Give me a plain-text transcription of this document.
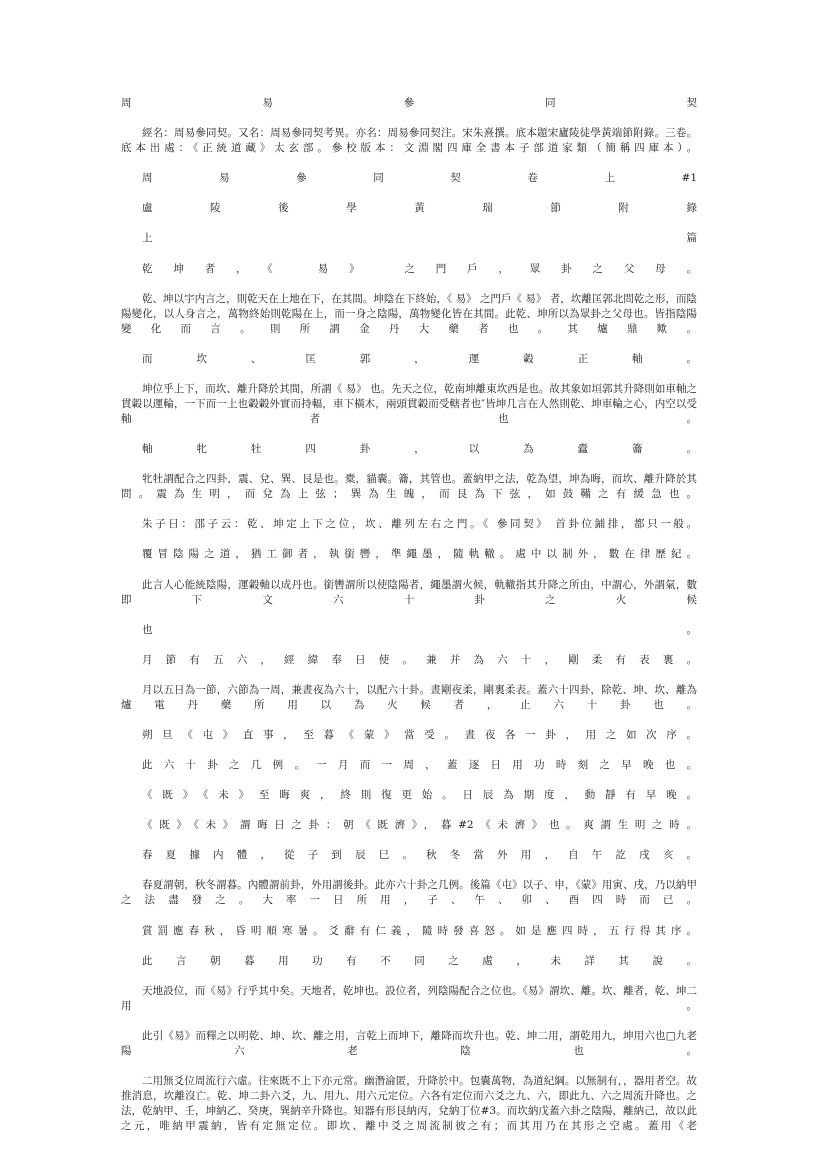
周易參同契

經名：周易參同契。又名：周易參同契考異。亦名：周易參同契注。宋朱熹撰。底本題宋廬陵徒學黃端節附錄。三卷。底本出處：《正統道藏》太玄部。參校版本：文淵閣四庫全書本子部道家類（簡稱四庫本）。

周易參同契卷上#1

盧陵後學黃瑞節附錄

上篇

乾坤者，《 易》 之門戶，眾卦之父母。

乾、坤以宇内言之，則乾天在上地在下，在其間。坤陰在下終始，《 易》 之門戶《 易》 者，坎離匡郭北問乾之形，而陰陽變化，以人身言之，萬物終始則乾陽在上，而一身之陰陽，萬物變化皆在其間。此乾、坤所以為眾卦之父母也。皆指陰陽變化而言。則所謂金丹大藥者也。其爐鼎歟。

而坎、匡郭，運轂正軸。

坤位乎上下，而坎、離升降於其間，所謂《 易》 也。先天之位，乾南坤離東坎西是也。故其象如垣郭其升降則如車軸之貫轂以運輪，一下而一上也轂轂外實而持輻，車下橫木，兩頭貫轂而受轄者也″皆坤几言在人然則乾、坤車輪之心，内空以受軸者也。

軸牝牡四卦，以為蠹籥。

牝牡謂配合之四卦，震、兌、巽、艮是也。橐，貓囊。籥，其管也。蓋納甲之法，乾為望，坤為晦，而坎、離升降於其問。震為生明，而兌為上弦；巽為生魄，而艮為下弦，如鼓鞴之有緩急也。

朱子日：邵子云：乾、坤定上下之位，坎、離列左右之門。《 參同契》 首卦位鋪排，都只一般。

覆冒陰陽之道，猶工御者，執銜轡，準繩墨，隨軌轍。處中以制外，數在律歷紀。

此言人心能統陰陽，運轂軸以成丹也。銜轡謂所以使陰陽者，繩墨謂火候，軌轍指其升降之所由，中謂心，外謂氣，數即下文六十卦之火候

也。

月節有五六，經緯奉日使。兼并為六十，剛柔有表裏。

月以五日為一節，六節為一周，兼晝夜為六十，以配六十卦。晝剛夜柔，剛裏柔表。蓋六十四卦，除乾、坤、坎、離為爐電丹藥所用以為火候者，止六十卦也。

朔旦《屯》直事，至暮《蒙》當受。晝夜各一卦，用之如次序。

此六十卦之几例。一月而一周，蓋逐日用功時刻之早晚也。

《既》《未》至晦爽，終則復更始。日辰為期度，動靜有早晚。

《既》《未》謂晦日之卦：朝《既濟》，暮#2《未濟》也。爽謂生明之時。

春夏據内體，從子到辰巳。秋冬當外用，自午訖戌亥。

春夏謂朝，秋冬謂暮。內體謂前卦，外用謂後卦。此亦六十卦之几例。後篇《屯》以子、申，《蒙》用寅、戌，乃以納甲之法盡發之。大率一日所用，子、午、卯、酉四時而已。

賞罰應春秋，昏明順寒暑。爻辭有仁義，隨時發喜怒。如是應四時，五行得其序。

此言朝暮用功有不同之處，未詳其說。

天地設位，而《易》行乎其中矣。天地者，乾坤也。設位者，列陰陽配合之位也。《易》謂坎、離。坎、離者，乾、坤二用。

此引《易》而釋之以明乾、坤、坎、離之用，言乾上而坤下，離降而坎升也。乾、坤二用，謂乾用九，坤用六也□九老陽六老陰也。

二用無爻位周流行六虛。往來既不上下亦元常。幽潛淪匿，升降於中。包囊萬物，為道紀綱。以無制有，，器用者空。故推消息，坎離沒亡。乾、坤二卦六爻，九、用九、用六元定位。六各有定位而六爻之九、六，即此九、六之周流升降也。之法，乾納甲、壬，坤納乙、癸庚，巽納辛升降也。知器有形艮納丙，兌納丁位#3。而坎納戊蓋六卦之陰陽，離納己，故以此之元，唯納甲震納，皆有定無定位。即坎、離中爻之周流制彼之有；而其用乃在其形之空處。蓋用《老
